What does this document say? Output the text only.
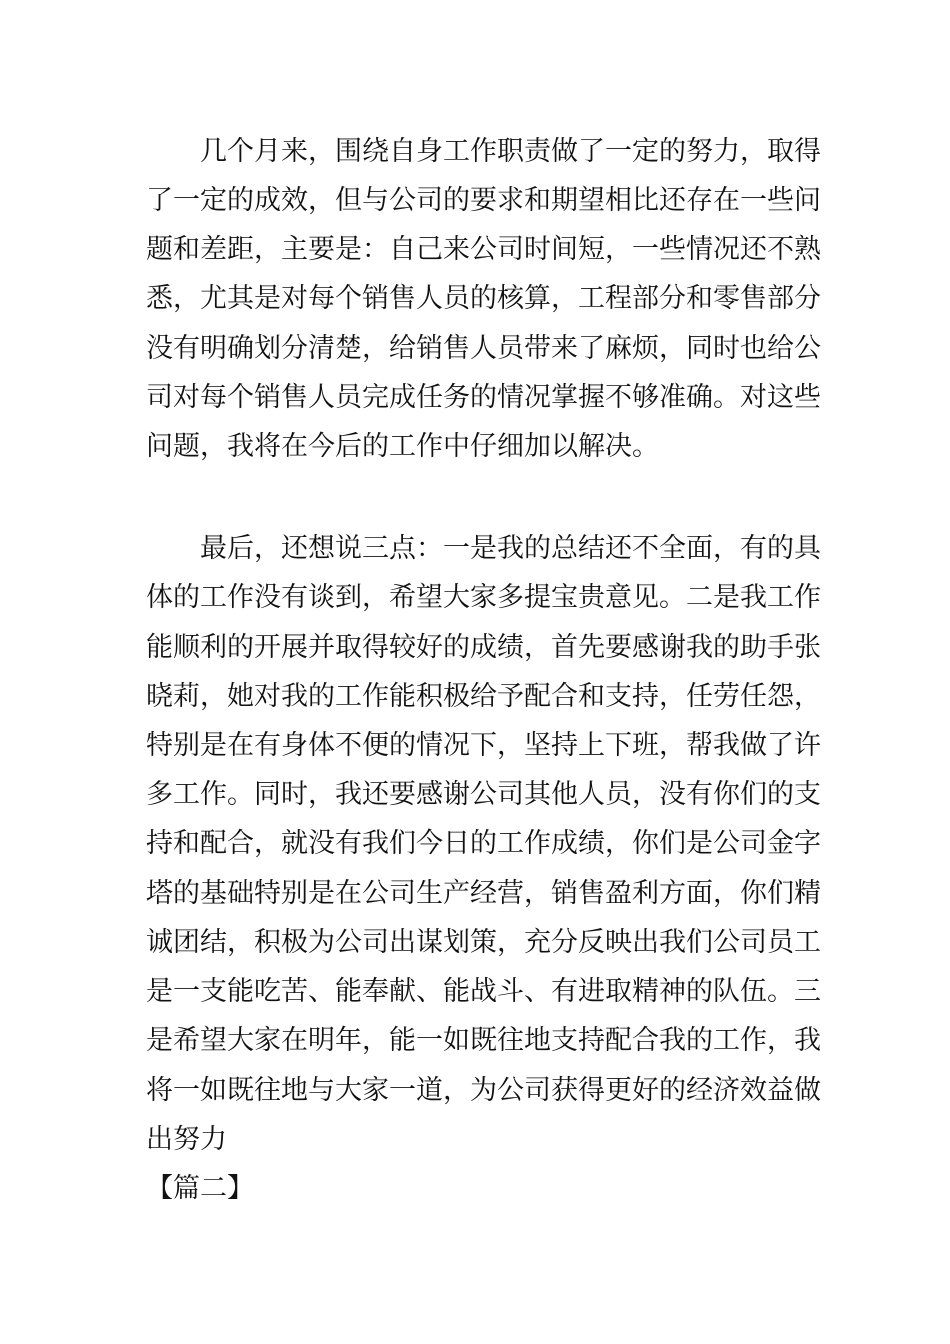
几个月来，围绕自身工作职责做了一定的努力，取得
了一定的成效，但与公司的要求和期望相比还存在一些问
题和差距，主要是：自己来公司时间短，一些情况还不熟
悉，尤其是对每个销售人员的核算，工程部分和零售部分
没有明确划分清楚，给销售人员带来了麻烦，同时也给公
司对每个销售人员完成任务的情况掌握不够准确。对这些
问题，我将在今后的工作中仔细加以解决。
最后，还想说三点：一是我的总结还不全面，有的具
体的工作没有谈到，希望大家多提宝贵意见。二是我工作
能顺利的开展并取得较好的成绩，首先要感谢我的助手张
晓莉，她对我的工作能积极给予配合和支持，任劳任怨，
特别是在有身体不便的情况下，坚持上下班，帮我做了许
多工作。同时，我还要感谢公司其他人员，没有你们的支
持和配合，就没有我们今日的工作成绩，你们是公司金字
塔的基础特别是在公司生产经营，销售盈利方面，你们精
诚团结，积极为公司出谋划策，充分反映出我们公司员工
是一支能吃苦、能奉献、能战斗、有进取精神的队伍。三
是希望大家在明年，能一如既往地支持配合我的工作，我
将一如既往地与大家一道，为公司获得更好的经济效益做
出努力
【篇二】
